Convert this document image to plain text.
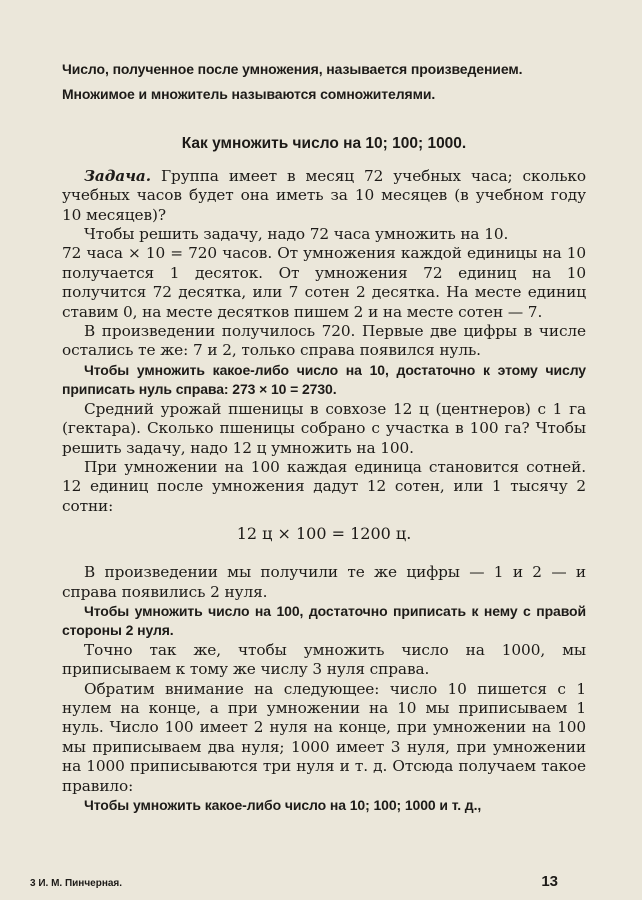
Число, полученное после умножения, называется произведением.

Множимое и множитель называются сомножителями.

Как умножить число на 10; 100; 1000.

Задача. Группа имеет в месяц 72 учебных часа; сколько учебных часов будет она иметь за 10 месяцев (в учебном году 10 месяцев)?

Чтобы решить задачу, надо 72 часа умножить на 10.

72 часа × 10 = 720 часов. От умножения каждой единицы на 10 получается 1 десяток. От умножения 72 единиц на 10 получится 72 десятка, или 7 сотен 2 десятка. На месте единиц ставим 0, на месте десятков пишем 2 и на месте сотен — 7.

В произведении получилось 720. Первые две цифры в числе остались те же: 7 и 2, только справа появился нуль.

Чтобы умножить какое-либо число на 10, достаточно к этому числу приписать нуль справа: 273 × 10 = 2730.

Средний урожай пшеницы в совхозе 12 ц (центнеров) с 1 га (гектара). Сколько пшеницы собрано с участка в 100 га? Чтобы решить задачу, надо 12 ц умножить на 100.

При умножении на 100 каждая единица становится сотней. 12 единиц после умножения дадут 12 сотен, или 1 тысячу 2 сотни:

12 ц × 100 = 1200 ц.

В произведении мы получили те же цифры — 1 и 2 — и справа появились 2 нуля.

Чтобы умножить число на 100, достаточно приписать к нему с правой стороны 2 нуля.

Точно так же, чтобы умножить число на 1000, мы приписываем к тому же числу 3 нуля справа.

Обратим внимание на следующее: число 10 пишется с 1 нулем на конце, а при умножении на 10 мы приписываем 1 нуль. Число 100 имеет 2 нуля на конце, при умножении на 100 мы приписываем два нуля; 1000 имеет 3 нуля, при умножении на 1000 приписываются три нуля и т. д. Отсюда получаем такое правило:

Чтобы умножить какое-либо число на 10; 100; 1000 и т. д.,

3 И. М. Пинчерная.	13
